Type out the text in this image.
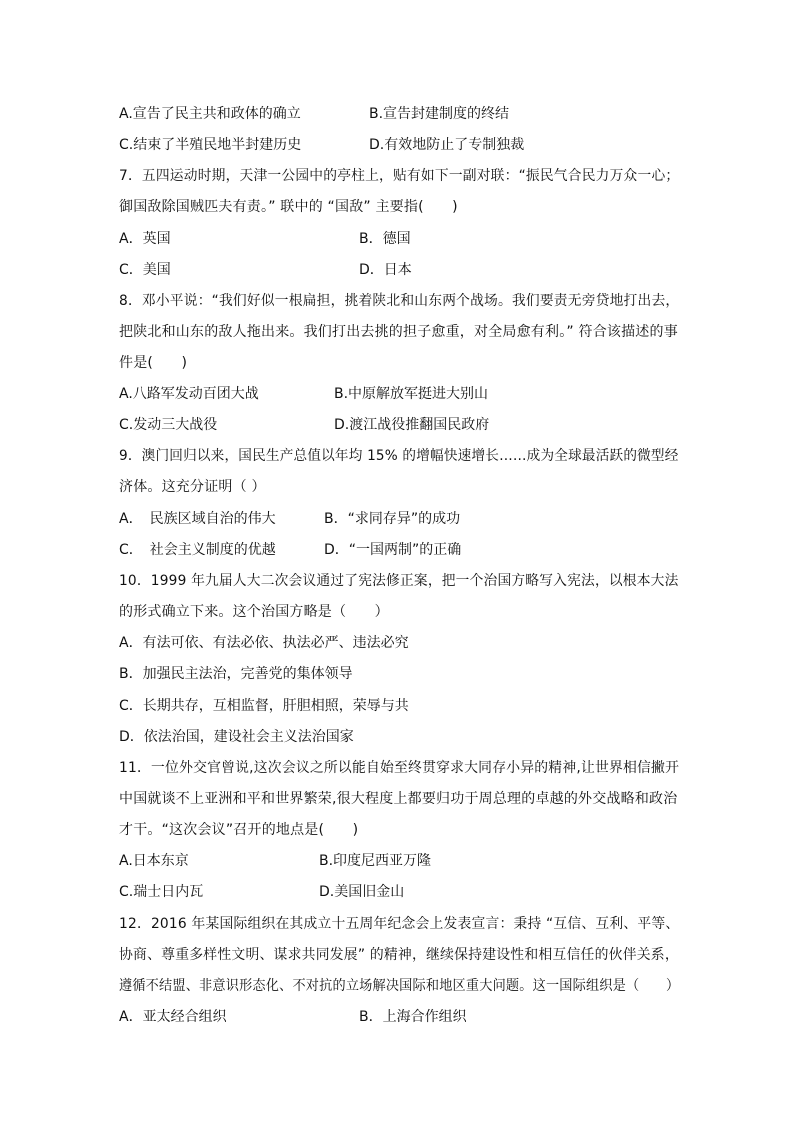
A.宣告了民主共和政体的确立	B.宣告封建制度的终结
C.结束了半殖民地半封建历史	D.有效地防止了专制独裁
7．五四运动时期，天津一公园中的亭柱上，贴有如下一副对联：“振民气合民力万众一心；
御国敌除国贼匹夫有责。” 联中的 “国敌” 主要指(　　)
A．英国	B．德国
C．美国	D．日本
8．邓小平说：“我们好似一根扁担，挑着陕北和山东两个战场。我们要责无旁贷地打出去，
把陕北和山东的敌人拖出来。我们打出去挑的担子愈重，对全局愈有利。” 符合该描述的事
件是(　　)
A.八路军发动百团大战	B.中原解放军挺进大别山
C.发动三大战役	D.渡江战役推翻国民政府
9．澳门回归以来，国民生产总值以年均 15% 的增幅快速增长……成为全球最活跃的微型经
济体。这充分证明（ ）
A．　民族区域自治的伟大	B．“求同存异”的成功
C．　社会主义制度的优越	D．“一国两制”的正确
10．1999 年九届人大二次会议通过了宪法修正案，把一个治国方略写入宪法，以根本大法
的形式确立下来。这个治国方略是（　　）
A．有法可依、有法必依、执法必严、违法必究
B．加强民主法治，完善党的集体领导
C．长期共存，互相监督，肝胆相照，荣辱与共
D．依法治国，建设社会主义法治国家
11．一位外交官曾说,这次会议之所以能自始至终贯穿求大同存小异的精神,让世界相信撇开
中国就谈不上亚洲和平和世界繁荣,很大程度上都要归功于周总理的卓越的外交战略和政治
才干。“这次会议”召开的地点是(　　)
A.日本东京	B.印度尼西亚万隆
C.瑞士日内瓦	D.美国旧金山
12．2016 年某国际组织在其成立十五周年纪念会上发表宣言：秉持 “互信、互利、平等、
协商、尊重多样性文明、谋求共同发展” 的精神，继续保持建设性和相互信任的伙伴关系，
遵循不结盟、非意识形态化、不对抗的立场解决国际和地区重大问题。这一国际组织是（　　）
A．亚太经合组织	B．上海合作组织
